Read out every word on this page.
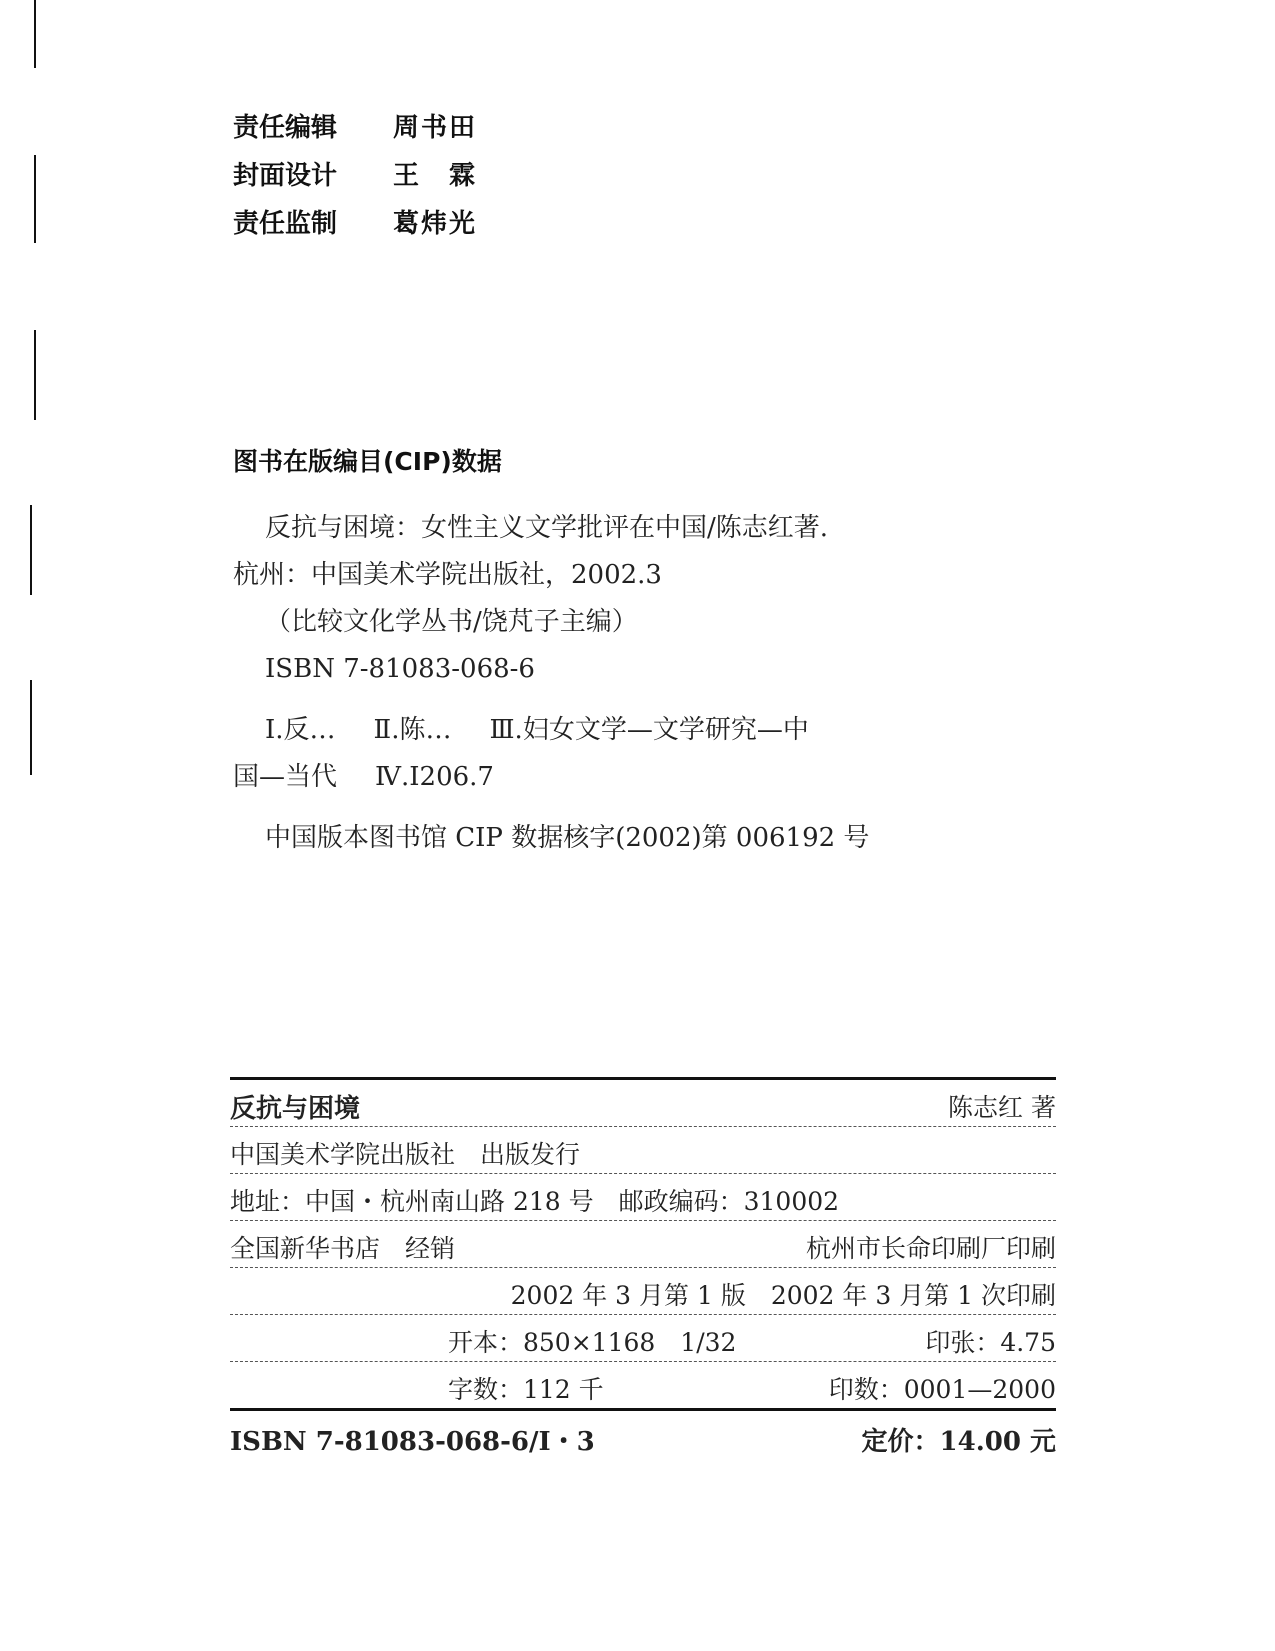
责任编辑 周书田
封面设计 王　霖
责任监制 葛炜光
图书在版编目(CIP)数据
反抗与困境：女性主义文学批评在中国/陈志红著.
杭州：中国美术学院出版社，2002.3
（比较文化学丛书/饶芃子主编）
ISBN 7-81083-068-6
Ⅰ.反… Ⅱ.陈… Ⅲ.妇女文学—文学研究—中
国—当代 Ⅳ.I206.7
中国版本图书馆 CIP 数据核字(2002)第 006192 号
反抗与困境	陈志红 著
中国美术学院出版社　出版发行
地址：中国・杭州南山路 218 号　邮政编码：310002
全国新华书店　经销	杭州市长命印刷厂印刷
2002 年 3 月第 1 版　2002 年 3 月第 1 次印刷
开本：850×1168　1/32	印张：4.75
字数：112 千	印数：0001—2000
ISBN 7-81083-068-6/I・3	定价：14.00 元
